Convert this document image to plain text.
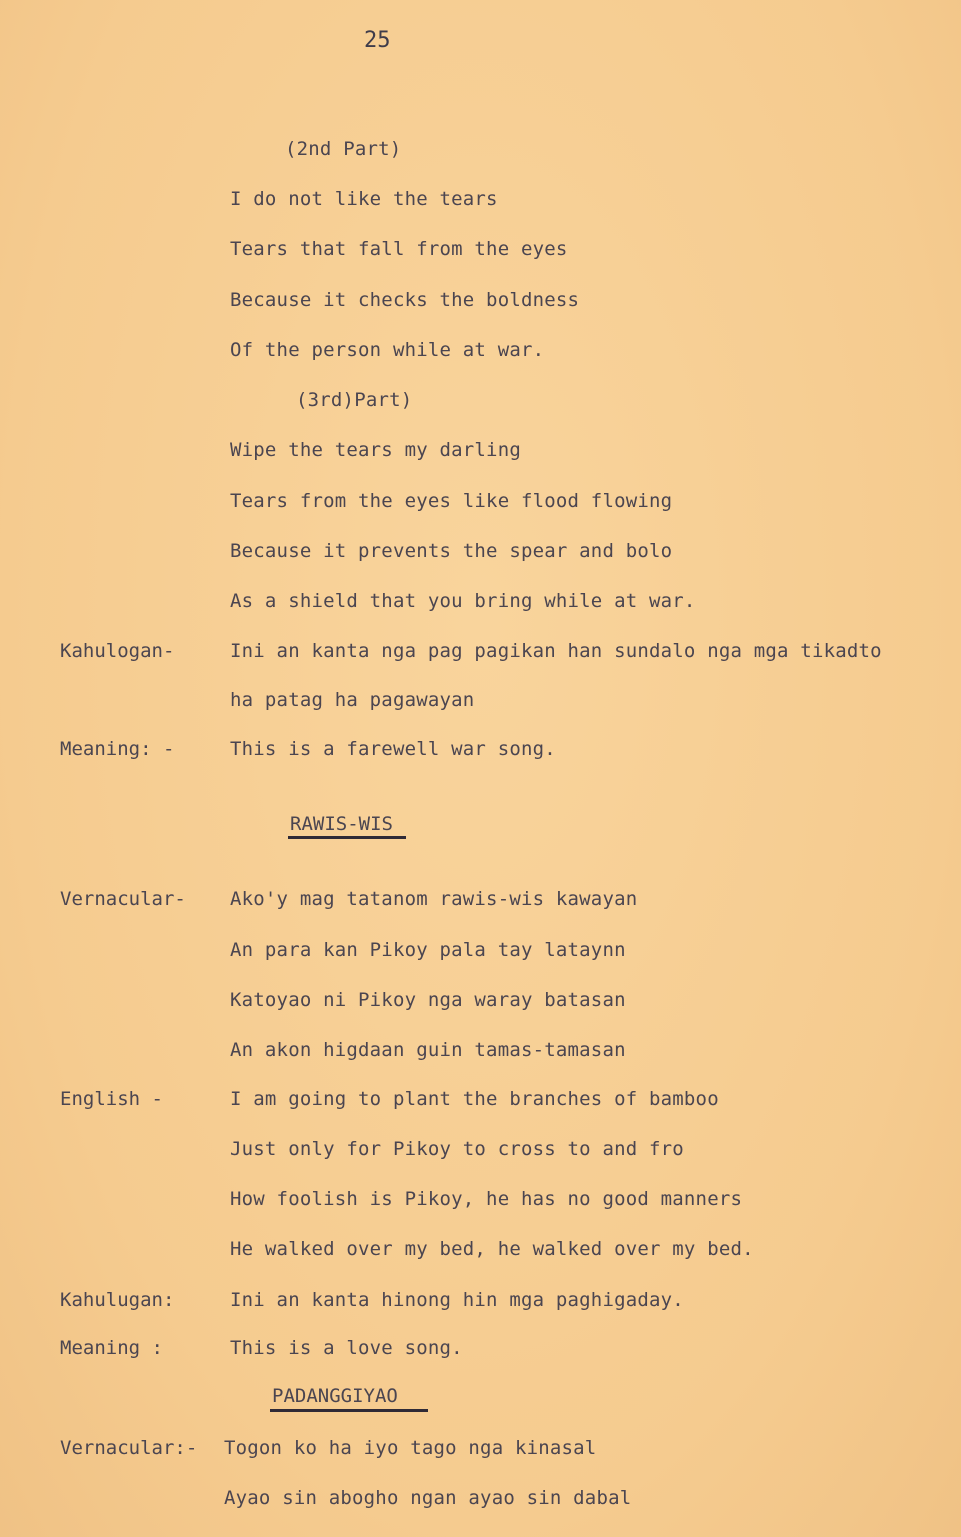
25
(2nd Part)
I do not like the tears
Tears that fall from the eyes
Because it checks the boldness
Of the person while at war.
(3rd)Part)
Wipe the tears my darling
Tears from the eyes like flood flowing
Because it prevents the spear and bolo
As a shield that you bring while at war.
Kahulogan-	Ini an kanta nga pag pagikan han sundalo nga mga tikadto
ha patag ha pagawayan
Meaning: -	This is a farewell war song.
RAWIS-WIS
Vernacular- Ako'y mag tatanom rawis-wis kawayan
An para kan Pikoy pala tay lataynn
Katoyao ni Pikoy nga waray batasan
An akon higdaan guin tamas-tamasan
English -	I am going to plant the branches of bamboo
Just only for Pikoy to cross to and fro
How foolish is Pikoy, he has no good manners
He walked over my bed, he walked over my bed.
Kahulugan:	Ini an kanta hinong hin mga paghigaday.
Meaning :	This is a love song.
PADANGGIYAO
Vernacular:- Togon ko ha iyo tago nga kinasal
Ayao sin abogho ngan ayao sin dabal
